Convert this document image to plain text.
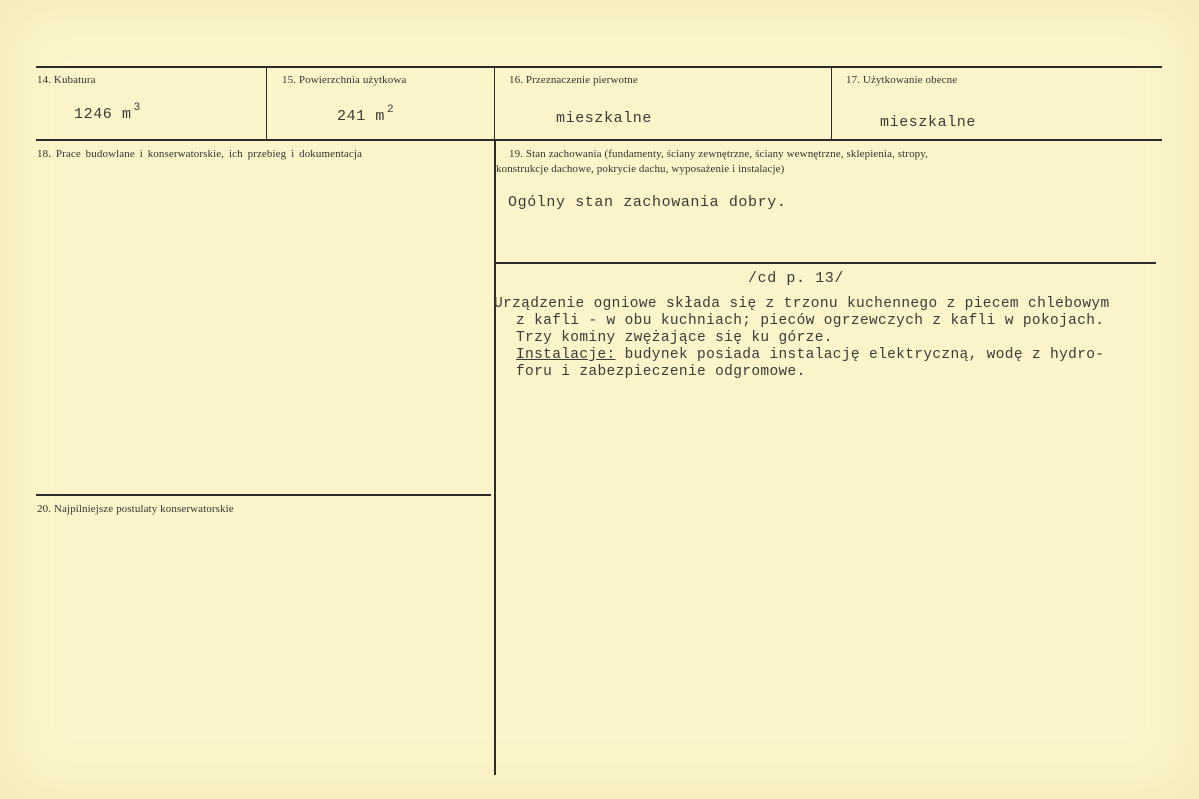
14. Kubatura
1246 m $^3$
15. Powierzchnia użytkowa
241 m $^2$
16. Przeznaczenie pierwotne
mieszkalne
17. Użytkowanie obecne
mieszkalne
18. Prace budowlane i konserwatorskie, ich przebieg i dokumentacja	19. Stan zachowania (fundamenty, ściany zewnętrzne, ściany wewnętrzne, sklepienia, stropy,
konstrukcje dachowe, pokrycie dachu, wyposażenie i instalacje)
Ogólny stan zachowania dobry.
/cd p. 13/
Urządzenie ogniowe składa się z trzonu kuchennego z piecem chlebowym
z kafli - w obu kuchniach; pieców ogrzewczych z kafli w pokojach.
Trzy kominy zwężające się ku górze.
Instalacje: budynek posiada instalację elektryczną, wodę z hydro-
foru i zabezpieczenie odgromowe.
20. Najpilniejsze postulaty konserwatorskie
